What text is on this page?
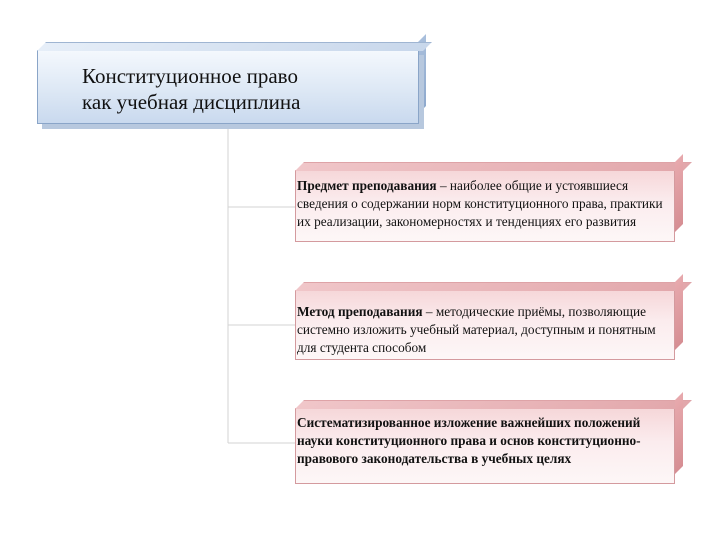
Конституционное право
как учебная дисциплина

Предмет преподавания – наиболее общие и устоявшиеся сведения о содержании норм конституционного права, практики их реализации, закономерностях и тенденциях его развития
Метод преподавания – методические приёмы, позволяющие системно изложить учебный материал, доступным и понятным для студента способом
Систематизированное изложение важнейших положений науки конституционного права и основ конституционно-правового законодательства в учебных целях
